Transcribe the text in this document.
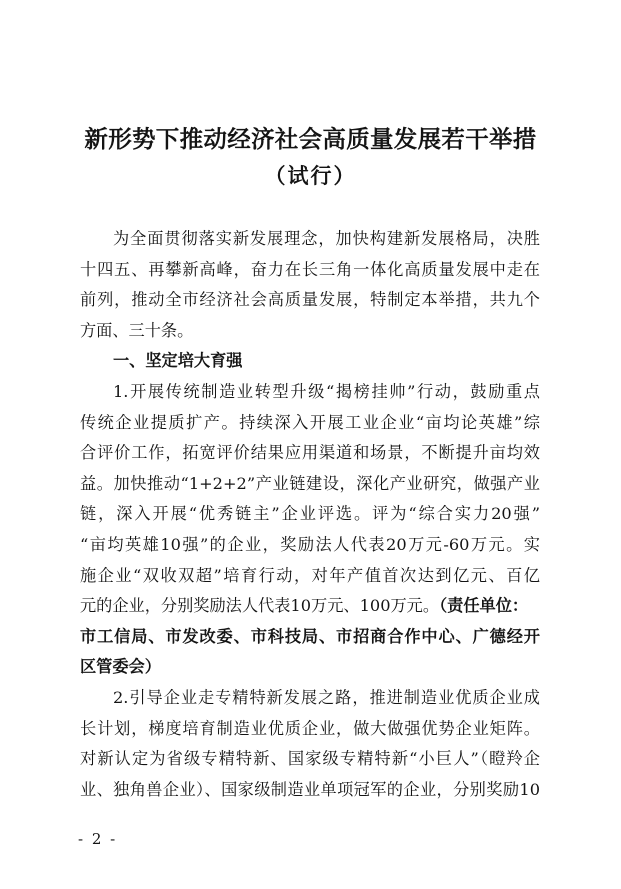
新形势下推动经济社会高质量发展若干举措
（试行）
为全面贯彻落实新发展理念，加快构建新发展格局，决胜
十四五、再攀新高峰，奋力在长三角一体化高质量发展中走在
前列，推动全市经济社会高质量发展，特制定本举措，共九个
方面、三十条。
一、坚定培大育强
1.开展传统制造业转型升级“揭榜挂帅”行动，鼓励重点
传统企业提质扩产。持续深入开展工业企业“亩均论英雄”综
合评价工作，拓宽评价结果应用渠道和场景，不断提升亩均效
益。加快推动“1+2+2”产业链建设，深化产业研究，做强产业
链，深入开展“优秀链主”企业评选。评为“综合实力20强”
“亩均英雄10强”的企业，奖励法人代表20万元-60万元。实
施企业“双收双超”培育行动，对年产值首次达到亿元、百亿
元的企业，分别奖励法人代表10万元、100万元。（责任单位：
市工信局、市发改委、市科技局、市招商合作中心、广德经开
区管委会）
2.引导企业走专精特新发展之路，推进制造业优质企业成
长计划，梯度培育制造业优质企业，做大做强优势企业矩阵。
对新认定为省级专精特新、国家级专精特新“小巨人”（瞪羚企
业、独角兽企业）、国家级制造业单项冠军的企业，分别奖励10
- 2 -
